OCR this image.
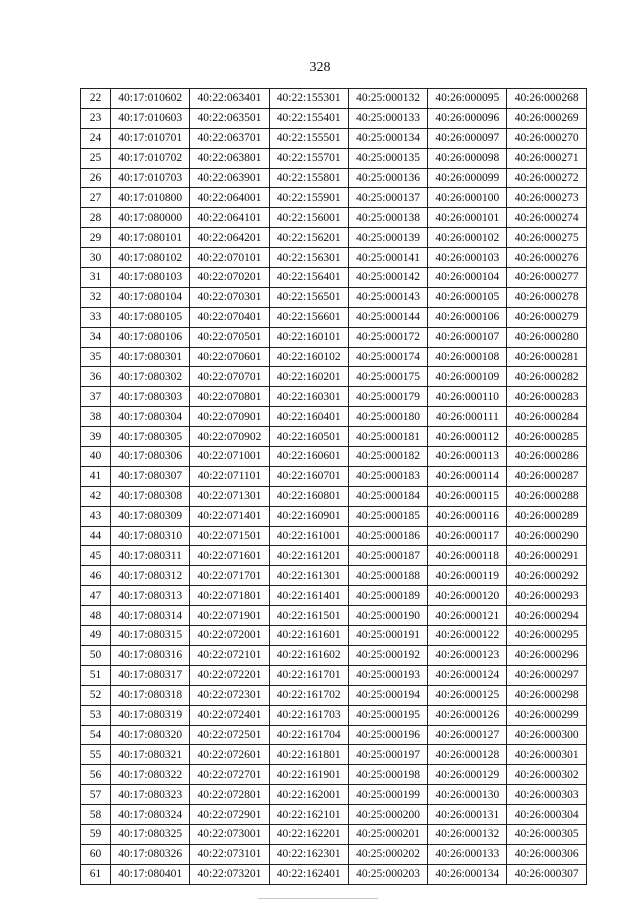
328
22	40:17:010602	40:22:063401	40:22:155301	40:25:000132	40:26:000095	40:26:000268
23	40:17:010603	40:22:063501	40:22:155401	40:25:000133	40:26:000096	40:26:000269
24	40:17:010701	40:22:063701	40:22:155501	40:25:000134	40:26:000097	40:26:000270
25	40:17:010702	40:22:063801	40:22:155701	40:25:000135	40:26:000098	40:26:000271
26	40:17:010703	40:22:063901	40:22:155801	40:25:000136	40:26:000099	40:26:000272
27	40:17:010800	40:22:064001	40:22:155901	40:25:000137	40:26:000100	40:26:000273
28	40:17:080000	40:22:064101	40:22:156001	40:25:000138	40:26:000101	40:26:000274
29	40:17:080101	40:22:064201	40:22:156201	40:25:000139	40:26:000102	40:26:000275
30	40:17:080102	40:22:070101	40:22:156301	40:25:000141	40:26:000103	40:26:000276
31	40:17:080103	40:22:070201	40:22:156401	40:25:000142	40:26:000104	40:26:000277
32	40:17:080104	40:22:070301	40:22:156501	40:25:000143	40:26:000105	40:26:000278
33	40:17:080105	40:22:070401	40:22:156601	40:25:000144	40:26:000106	40:26:000279
34	40:17:080106	40:22:070501	40:22:160101	40:25:000172	40:26:000107	40:26:000280
35	40:17:080301	40:22:070601	40:22:160102	40:25:000174	40:26:000108	40:26:000281
36	40:17:080302	40:22:070701	40:22:160201	40:25:000175	40:26:000109	40:26:000282
37	40:17:080303	40:22:070801	40:22:160301	40:25:000179	40:26:000110	40:26:000283
38	40:17:080304	40:22:070901	40:22:160401	40:25:000180	40:26:000111	40:26:000284
39	40:17:080305	40:22:070902	40:22:160501	40:25:000181	40:26:000112	40:26:000285
40	40:17:080306	40:22:071001	40:22:160601	40:25:000182	40:26:000113	40:26:000286
41	40:17:080307	40:22:071101	40:22:160701	40:25:000183	40:26:000114	40:26:000287
42	40:17:080308	40:22:071301	40:22:160801	40:25:000184	40:26:000115	40:26:000288
43	40:17:080309	40:22:071401	40:22:160901	40:25:000185	40:26:000116	40:26:000289
44	40:17:080310	40:22:071501	40:22:161001	40:25:000186	40:26:000117	40:26:000290
45	40:17:080311	40:22:071601	40:22:161201	40:25:000187	40:26:000118	40:26:000291
46	40:17:080312	40:22:071701	40:22:161301	40:25:000188	40:26:000119	40:26:000292
47	40:17:080313	40:22:071801	40:22:161401	40:25:000189	40:26:000120	40:26:000293
48	40:17:080314	40:22:071901	40:22:161501	40:25:000190	40:26:000121	40:26:000294
49	40:17:080315	40:22:072001	40:22:161601	40:25:000191	40:26:000122	40:26:000295
50	40:17:080316	40:22:072101	40:22:161602	40:25:000192	40:26:000123	40:26:000296
51	40:17:080317	40:22:072201	40:22:161701	40:25:000193	40:26:000124	40:26:000297
52	40:17:080318	40:22:072301	40:22:161702	40:25:000194	40:26:000125	40:26:000298
53	40:17:080319	40:22:072401	40:22:161703	40:25:000195	40:26:000126	40:26:000299
54	40:17:080320	40:22:072501	40:22:161704	40:25:000196	40:26:000127	40:26:000300
55	40:17:080321	40:22:072601	40:22:161801	40:25:000197	40:26:000128	40:26:000301
56	40:17:080322	40:22:072701	40:22:161901	40:25:000198	40:26:000129	40:26:000302
57	40:17:080323	40:22:072801	40:22:162001	40:25:000199	40:26:000130	40:26:000303
58	40:17:080324	40:22:072901	40:22:162101	40:25:000200	40:26:000131	40:26:000304
59	40:17:080325	40:22:073001	40:22:162201	40:25:000201	40:26:000132	40:26:000305
60	40:17:080326	40:22:073101	40:22:162301	40:25:000202	40:26:000133	40:26:000306
61	40:17:080401	40:22:073201	40:22:162401	40:25:000203	40:26:000134	40:26:000307
